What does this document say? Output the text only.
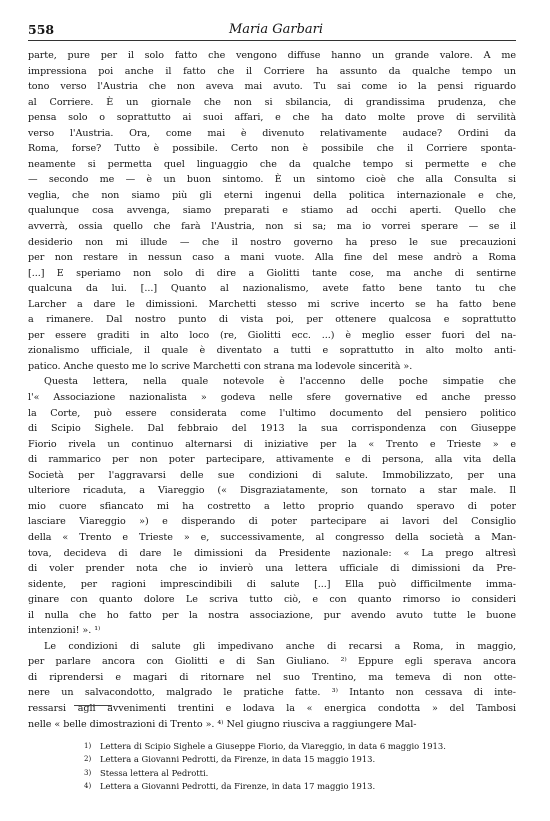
558	Maria Garbari
parte, pure per il solo fatto che vengono diffuse hanno un grande valore. A me
impressiona poi anche il fatto che il Corriere ha assunto da qualche tempo un
tono verso l'Austria che non aveva mai avuto. Tu sai come io la pensi riguardo
al Corriere. È un giornale che non si sbilancia, di grandissima prudenza, che
pensa solo o soprattutto ai suoi affari, e che ha dato molte prove di servilità
verso l'Austria. Ora, come mai è divenuto relativamente audace? Ordini da
Roma, forse? Tutto è possibile. Certo non è possibile che il Corriere sponta-
neamente si permetta quel linguaggio che da qualche tempo si permette e che
— secondo me — è un buon sintomo. È un sintomo cioè che alla Consulta si
veglia, che non siamo più gli eterni ingenui della politica internazionale e che,
qualunque cosa avvenga, siamo preparati e stiamo ad occhi aperti. Quello che
avverrà, ossia quello che farà l'Austria, non si sa; ma io vorrei sperare — se il
desiderio non mi illude — che il nostro governo ha preso le sue precauzioni
per non restare in nessun caso a mani vuote. Alla fine del mese andrò a Roma
[...] E speriamo non solo di dire a Giolitti tante cose, ma anche di sentirne
qualcuna da lui. [...] Quanto al nazionalismo, avete fatto bene tanto tu che
Larcher a dare le dimissioni. Marchetti stesso mi scrive incerto se ha fatto bene
a rimanere. Dal nostro punto di vista poi, per ottenere qualcosa e soprattutto
per essere graditi in alto loco (re, Giolitti ecc. ...) è meglio esser fuori del na-
zionalismo ufficiale, il quale è diventato a tutti e soprattutto in alto molto anti-
patico. Anche questo me lo scrive Marchetti con strana ma lodevole sincerità ».
Questa lettera, nella quale notevole è l'accenno delle poche simpatie che
l'« Associazione nazionalista » godeva nelle sfere governative ed anche presso
la Corte, può essere considerata come l'ultimo documento del pensiero politico
di Scipio Sighele. Dal febbraio del 1913 la sua corrispondenza con Giuseppe
Fiorio rivela un continuo alternarsi di iniziative per la « Trento e Trieste » e
di rammarico per non poter parteciparе, attivamente e di persona, alla vita della
Società per l'aggravarsi delle sue condizioni di salute. Immobilizzato, per una
ulteriore ricaduta, a Viareggio (« Disgraziatamente, son tornato a star male. Il
mio cuore sfiancato mi ha costretto a letto proprio quando speravo di poter
lasciare Viareggio ») e disperando di poter partecipare ai lavori del Consiglio
della « Trento e Trieste » e, successivamente, al congresso della società a Man-
tova, decideva di dare le dimissioni da Presidente nazionale: « La prego altresì
di voler prender nota che io invierò una lettera ufficiale di dimissioni da Pre-
sidente, per ragioni imprescindibili di salute [...] Ella può difficilmente imma-
ginare con quanto dolore Le scriva tutto ciò, e con quanto rimorso io consideri
il nulla che ho fatto per la nostra associazione, pur avendo avuto tutte le buone
intenzioni! ». ¹⁾
Le condizioni di salute gli impedivano anche di recarsi a Roma, in maggio,
per parlare ancora con Giolitti e di San Giuliano. ²⁾ Eppure egli sperava ancora
di riprendersi e magari di ritornare nel suo Trentino, ma temeva di non otte-
nere un salvacondotto, malgrado le pratiche fatte. ³⁾ Intanto non cessava di inte-
ressarsi agli avvenimenti trentini e lodava la « energica condotta » del Tambosi
nelle « belle dimostrazioni di Trento ». ⁴⁾ Nel giugno riusciva a raggiungere Mal-
1) Lettera di Scipio Sighele a Giuseppe Fiorio, da Viareggio, in data 6 maggio 1913.
2) Lettera a Giovanni Pedrotti, da Firenze, in data 15 maggio 1913.
3) Stessa lettera al Pedrotti.
4) Lettera a Giovanni Pedrotti, da Firenze, in data 17 maggio 1913.
